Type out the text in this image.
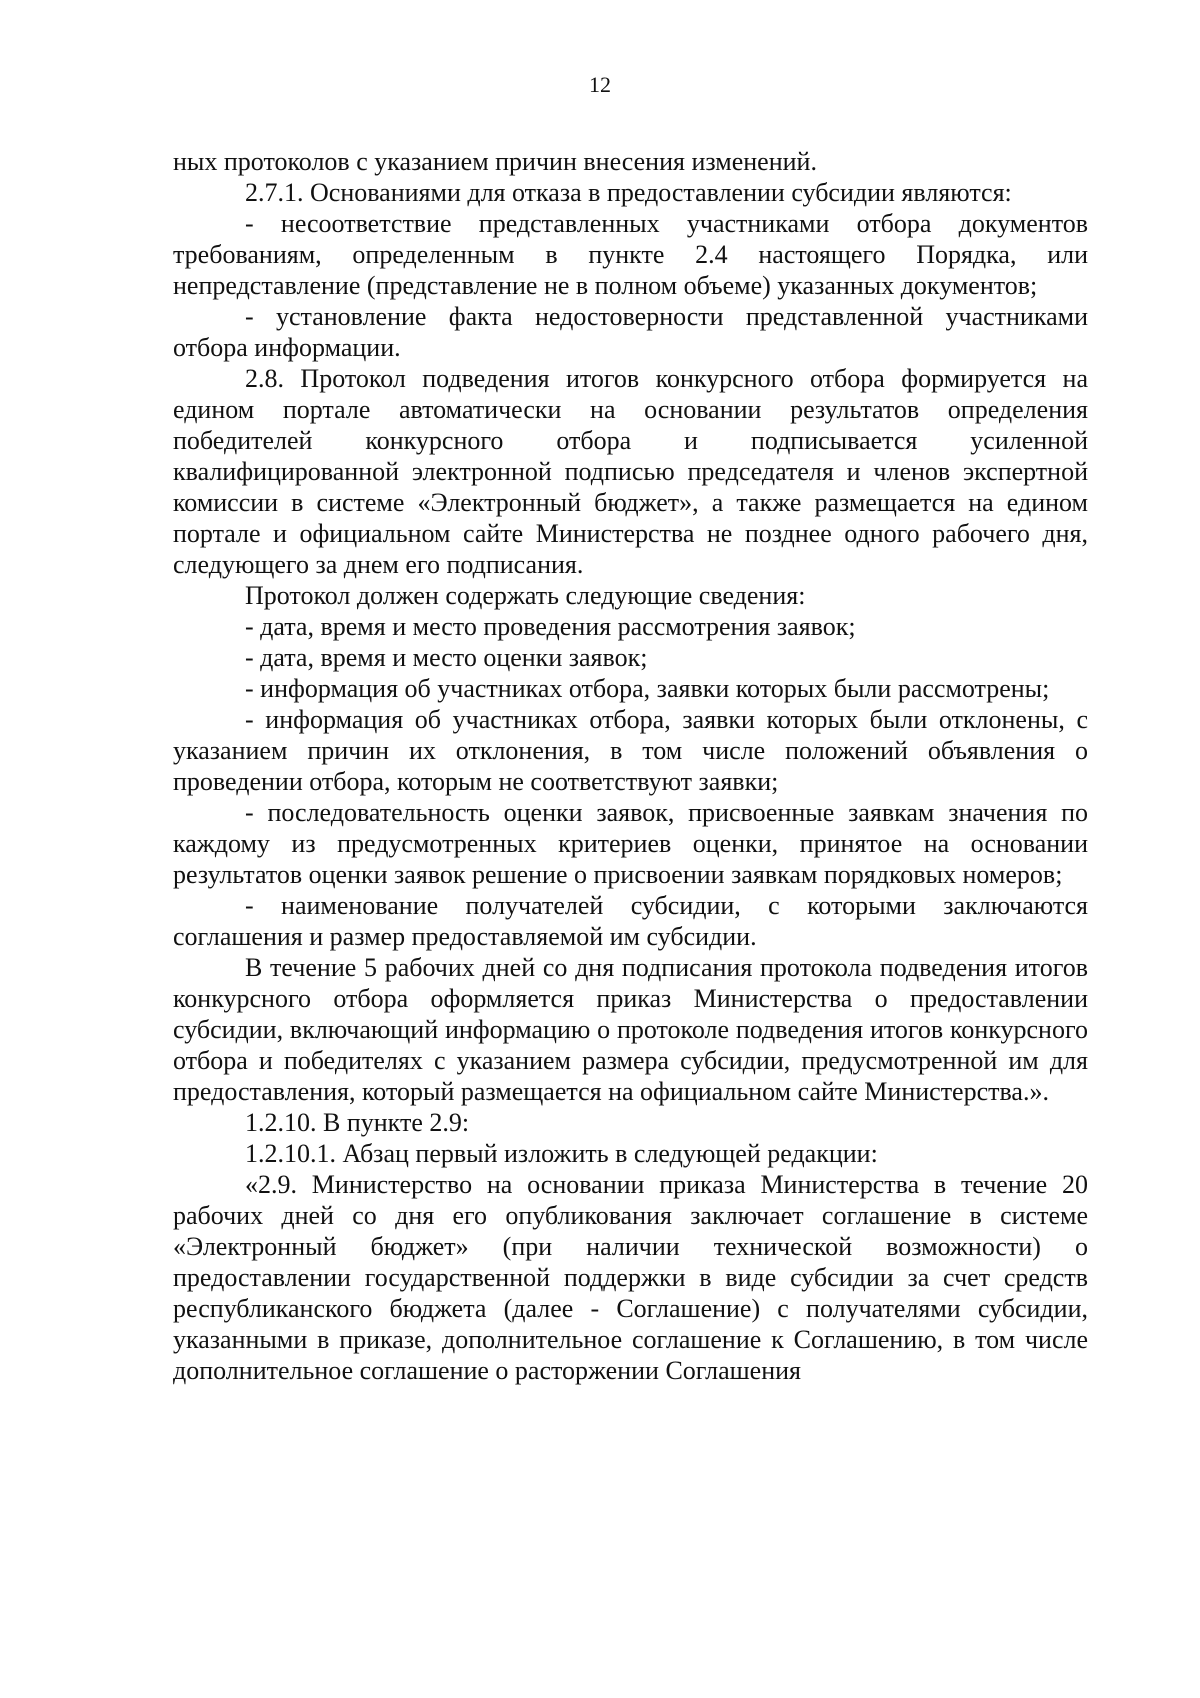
12

ных протоколов с указанием причин внесения изменений.

2.7.1. Основаниями для отказа в предоставлении субсидии являются:

- несоответствие представленных участниками отбора документов требованиям, определенным в пункте 2.4 настоящего Порядка, или непредставление (представление не в полном объеме) указанных документов;

- установление факта недостоверности представленной участниками отбора информации.

2.8. Протокол подведения итогов конкурсного отбора формируется на едином портале автоматически на основании результатов определения победителей конкурсного отбора и подписывается усиленной квалифицированной электронной подписью председателя и членов экспертной комиссии в системе «Электронный бюджет», а также размещается на едином портале и официальном сайте Министерства не позднее одного рабочего дня, следующего за днем его подписания.

Протокол должен содержать следующие сведения:

- дата, время и место проведения рассмотрения заявок;

- дата, время и место оценки заявок;

- информация об участниках отбора, заявки которых были рассмотрены;

- информация об участниках отбора, заявки которых были отклонены, с указанием причин их отклонения, в том числе положений объявления о проведении отбора, которым не соответствуют заявки;

- последовательность оценки заявок, присвоенные заявкам значения по каждому из предусмотренных критериев оценки, принятое на основании результатов оценки заявок решение о присвоении заявкам порядковых номеров;

- наименование получателей субсидии, с которыми заключаются соглашения и размер предоставляемой им субсидии.

В течение 5 рабочих дней со дня подписания протокола подведения итогов конкурсного отбора оформляется приказ Министерства о предоставлении субсидии, включающий информацию о протоколе подведения итогов конкурсного отбора и победителях с указанием размера субсидии, предусмотренной им для предоставления, который размещается на официальном сайте Министерства.».

1.2.10. В пункте 2.9:

1.2.10.1. Абзац первый изложить в следующей редакции:

«2.9. Министерство на основании приказа Министерства в течение 20 рабочих дней со дня его опубликования заключает соглашение в системе «Электронный бюджет» (при наличии технической возможности) о предоставлении государственной поддержки в виде субсидии за счет средств республиканского бюджета (далее - Соглашение) с получателями субсидии, указанными в приказе, дополнительное соглашение к Соглашению, в том числе дополнительное соглашение о расторжении Соглашения
